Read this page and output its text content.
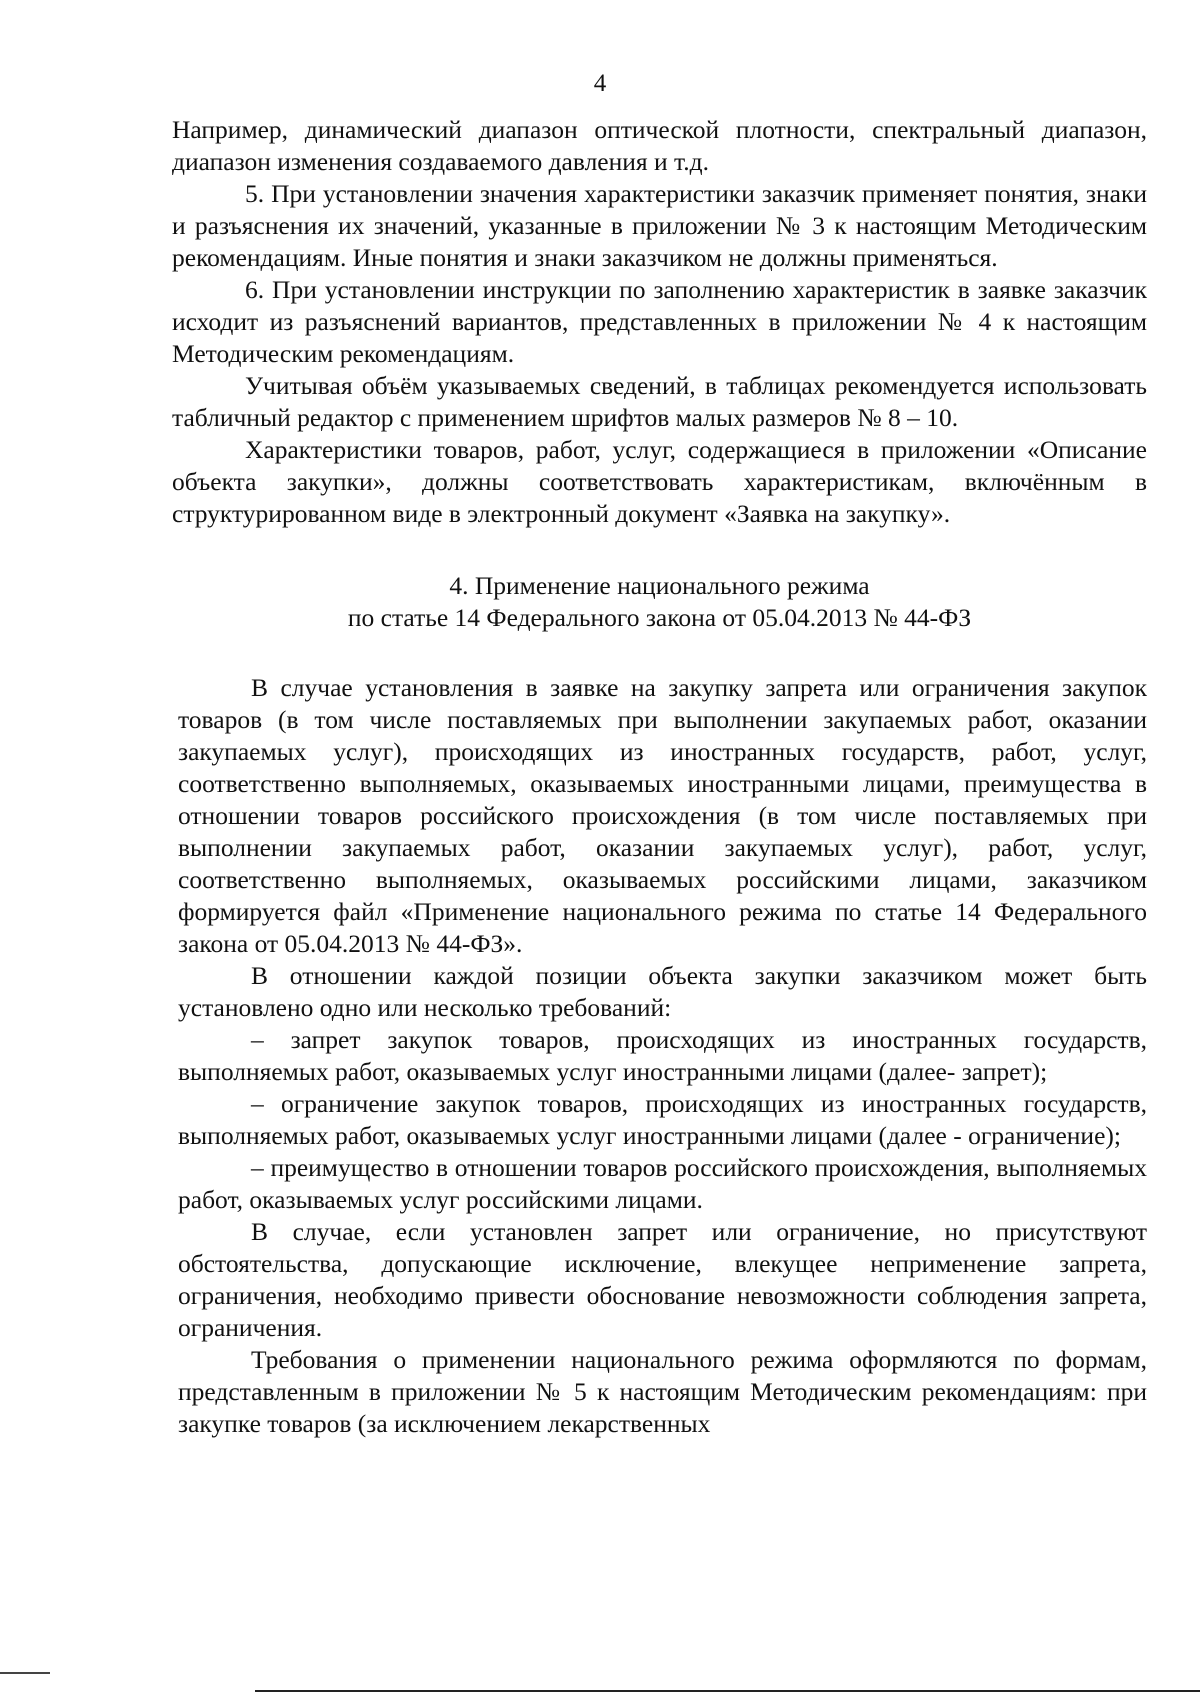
4

Например, динамический диапазон оптической плотности, спектральный диапазон, диапазон изменения создаваемого давления и т.д.

5. При установлении значения характеристики заказчик применяет понятия, знаки и разъяснения их значений, указанные в приложении № 3 к настоящим Методическим рекомендациям. Иные понятия и знаки заказчиком не должны применяться.

6. При установлении инструкции по заполнению характеристик в заявке заказчик исходит из разъяснений вариантов, представленных в приложении № 4 к настоящим Методическим рекомендациям.

Учитывая объём указываемых сведений, в таблицах рекомендуется использовать табличный редактор с применением шрифтов малых размеров № 8 – 10.

Характеристики товаров, работ, услуг, содержащиеся в приложении «Описание объекта закупки», должны соответствовать характеристикам, включённым в структурированном виде в электронный документ «Заявка на закупку».

4. Применение национального режима
по статье 14 Федерального закона от 05.04.2013 № 44-ФЗ

В случае установления в заявке на закупку запрета или ограничения закупок товаров (в том числе поставляемых при выполнении закупаемых работ, оказании закупаемых услуг), происходящих из иностранных государств, работ, услуг, соответственно выполняемых, оказываемых иностранными лицами, преимущества в отношении товаров российского происхождения (в том числе поставляемых при выполнении закупаемых работ, оказании закупаемых услуг), работ, услуг, соответственно выполняемых, оказываемых российскими лицами, заказчиком формируется файл «Применение национального режима по статье 14 Федерального закона от 05.04.2013 № 44-ФЗ».

В отношении каждой позиции объекта закупки заказчиком может быть установлено одно или несколько требований:

– запрет закупок товаров, происходящих из иностранных государств, выполняемых работ, оказываемых услуг иностранными лицами (далее- запрет);

– ограничение закупок товаров, происходящих из иностранных государств, выполняемых работ, оказываемых услуг иностранными лицами (далее - ограничение);

– преимущество в отношении товаров российского происхождения, выполняемых работ, оказываемых услуг российскими лицами.

В случае, если установлен запрет или ограничение, но присутствуют обстоятельства, допускающие исключение, влекущее неприменение запрета, ограничения, необходимо привести обоснование невозможности соблюдения запрета, ограничения.

Требования о применении национального режима оформляются по формам, представленным в приложении № 5 к настоящим Методическим рекомендациям: при закупке товаров (за исключением лекарственных
